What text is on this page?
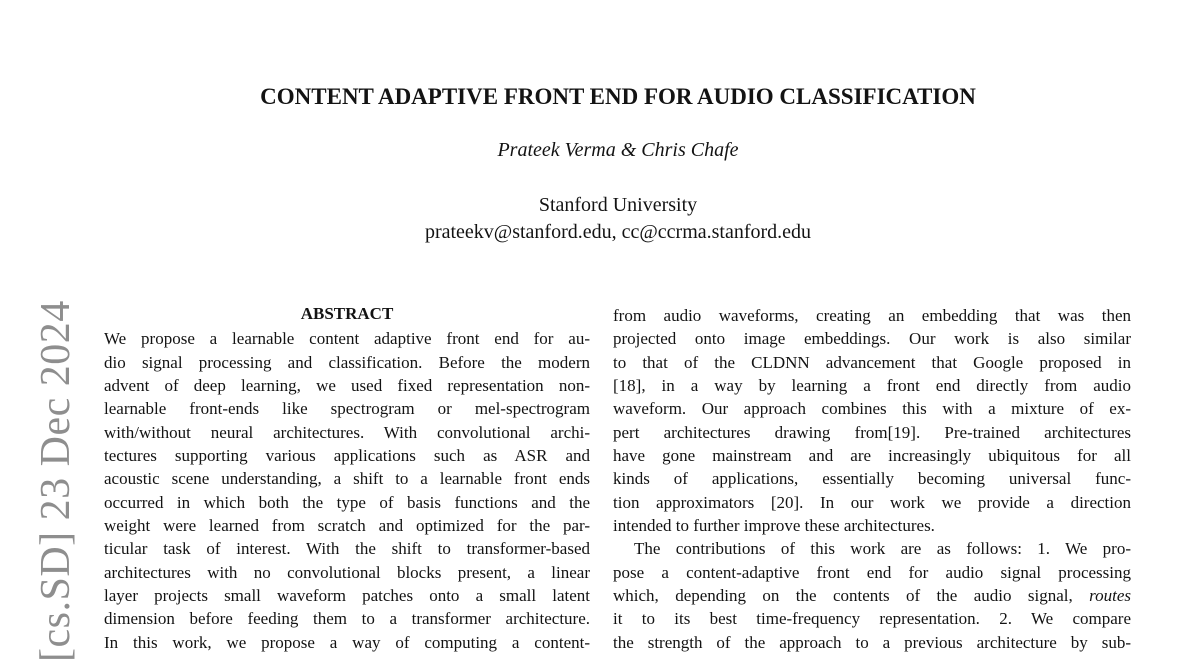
[cs.SD] 23 Dec 2024
CONTENT ADAPTIVE FRONT END FOR AUDIO CLASSIFICATION
Prateek Verma & Chris Chafe
Stanford University
prateekv@stanford.edu, cc@ccrma.stanford.edu
ABSTRACT
We propose a learnable content adaptive front end for au-
dio signal processing and classification. Before the modern
advent of deep learning, we used fixed representation non-
learnable front-ends like spectrogram or mel-spectrogram
with/without neural architectures. With convolutional archi-
tectures supporting various applications such as ASR and
acoustic scene understanding, a shift to a learnable front ends
occurred in which both the type of basis functions and the
weight were learned from scratch and optimized for the par-
ticular task of interest. With the shift to transformer-based
architectures with no convolutional blocks present, a linear
layer projects small waveform patches onto a small latent
dimension before feeding them to a transformer architecture.
In this work, we propose a way of computing a content-
from audio waveforms, creating an embedding that was then
projected onto image embeddings. Our work is also similar
to that of the CLDNN advancement that Google proposed in
[18], in a way by learning a front end directly from audio
waveform. Our approach combines this with a mixture of ex-
pert architectures drawing from[19]. Pre-trained architectures
have gone mainstream and are increasingly ubiquitous for all
kinds of applications, essentially becoming universal func-
tion approximators [20]. In our work we provide a direction
intended to further improve these architectures.
The contributions of this work are as follows: 1. We pro-
pose a content-adaptive front end for audio signal processing
which, depending on the contents of the audio signal, routes
it to its best time-frequency representation. 2. We compare
the strength of the approach to a previous architecture by sub-
